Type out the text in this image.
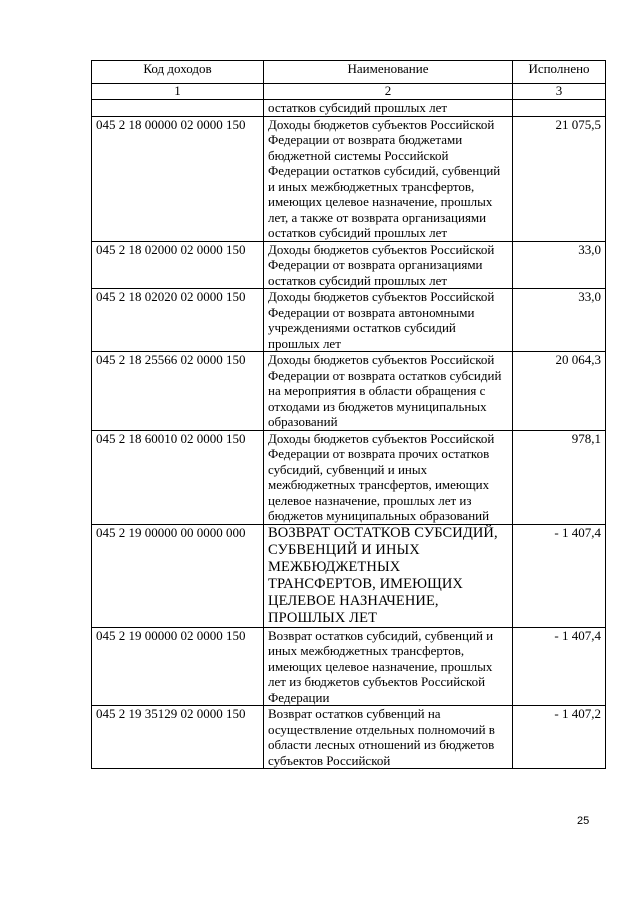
Код доходов	Наименование	Исполнено
1	2	3
	остатков субсидий прошлых лет	
045 2 18 00000 02 0000 150	Доходы бюджетов субъектов Российской Федерации от возврата бюджетами бюджетной системы Российской Федерации остатков субсидий, субвенций и иных межбюджетных трансфертов, имеющих целевое назначение, прошлых лет, а также от возврата организациями остатков субсидий прошлых лет	21 075,5
045 2 18 02000 02 0000 150	Доходы бюджетов субъектов Российской Федерации от возврата организациями остатков субсидий прошлых лет	33,0
045 2 18 02020 02 0000 150	Доходы бюджетов субъектов Российской Федерации от возврата автономными учреждениями остатков субсидий прошлых лет	33,0
045 2 18 25566 02 0000 150	Доходы бюджетов субъектов Российской Федерации от возврата остатков субсидий на мероприятия в области обращения с отходами из бюджетов муниципальных образований	20 064,3
045 2 18 60010 02 0000 150	Доходы бюджетов субъектов Российской Федерации от возврата прочих остатков субсидий, субвенций и иных межбюджетных трансфертов, имеющих целевое назначение, прошлых лет из бюджетов муниципальных образований	978,1
045 2 19 00000 00 0000 000	ВОЗВРАТ ОСТАТКОВ СУБСИДИЙ, СУБВЕНЦИЙ И ИНЫХ МЕЖБЮДЖЕТНЫХ ТРАНСФЕРТОВ, ИМЕЮЩИХ ЦЕЛЕВОЕ НАЗНАЧЕНИЕ, ПРОШЛЫХ ЛЕТ	- 1 407,4
045 2 19 00000 02 0000 150	Возврат остатков субсидий, субвенций и иных межбюджетных трансфертов, имеющих целевое назначение, прошлых лет из бюджетов субъектов Российской Федерации	- 1 407,4
045 2 19 35129 02 0000 150	Возврат остатков субвенций на осуществление отдельных полномочий в области лесных отношений из бюджетов субъектов Российской	- 1 407,2
25
